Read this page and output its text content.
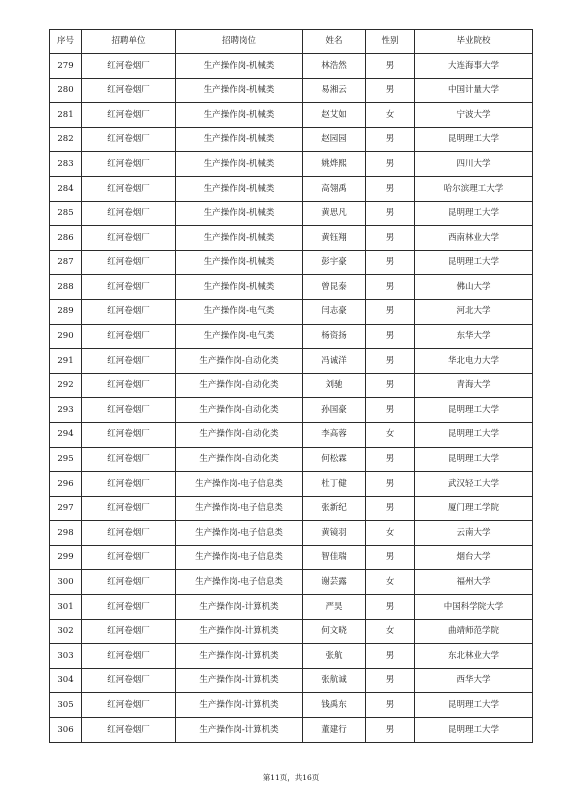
序号	招聘单位	招聘岗位	姓名	性别	毕业院校
279	红河卷烟厂	生产操作岗-机械类	林浩然	男	大连海事大学
280	红河卷烟厂	生产操作岗-机械类	易湘云	男	中国计量大学
281	红河卷烟厂	生产操作岗-机械类	赵艾如	女	宁波大学
282	红河卷烟厂	生产操作岗-机械类	赵园园	男	昆明理工大学
283	红河卷烟厂	生产操作岗-机械类	姚烨熙	男	四川大学
284	红河卷烟厂	生产操作岗-机械类	高翎禹	男	哈尔滨理工大学
285	红河卷烟厂	生产操作岗-机械类	黄思凡	男	昆明理工大学
286	红河卷烟厂	生产操作岗-机械类	黄钰翔	男	西南林业大学
287	红河卷烟厂	生产操作岗-机械类	彭宇豪	男	昆明理工大学
288	红河卷烟厂	生产操作岗-机械类	曾昆泰	男	佛山大学
289	红河卷烟厂	生产操作岗-电气类	闫志豪	男	河北大学
290	红河卷烟厂	生产操作岗-电气类	杨资扬	男	东华大学
291	红河卷烟厂	生产操作岗-自动化类	冯诚洋	男	华北电力大学
292	红河卷烟厂	生产操作岗-自动化类	刘驰	男	青海大学
293	红河卷烟厂	生产操作岗-自动化类	孙国豪	男	昆明理工大学
294	红河卷烟厂	生产操作岗-自动化类	李高蓉	女	昆明理工大学
295	红河卷烟厂	生产操作岗-自动化类	何松霖	男	昆明理工大学
296	红河卷烟厂	生产操作岗-电子信息类	杜丁健	男	武汉轻工大学
297	红河卷烟厂	生产操作岗-电子信息类	张新纪	男	厦门理工学院
298	红河卷烟厂	生产操作岗-电子信息类	黄镜羽	女	云南大学
299	红河卷烟厂	生产操作岗-电子信息类	智佳瑞	男	烟台大学
300	红河卷烟厂	生产操作岗-电子信息类	谢芸露	女	福州大学
301	红河卷烟厂	生产操作岗-计算机类	严昊	男	中国科学院大学
302	红河卷烟厂	生产操作岗-计算机类	何文晓	女	曲靖师范学院
303	红河卷烟厂	生产操作岗-计算机类	张航	男	东北林业大学
304	红河卷烟厂	生产操作岗-计算机类	张航诚	男	西华大学
305	红河卷烟厂	生产操作岗-计算机类	钱禹东	男	昆明理工大学
306	红河卷烟厂	生产操作岗-计算机类	董建行	男	昆明理工大学
第11页，共16页
